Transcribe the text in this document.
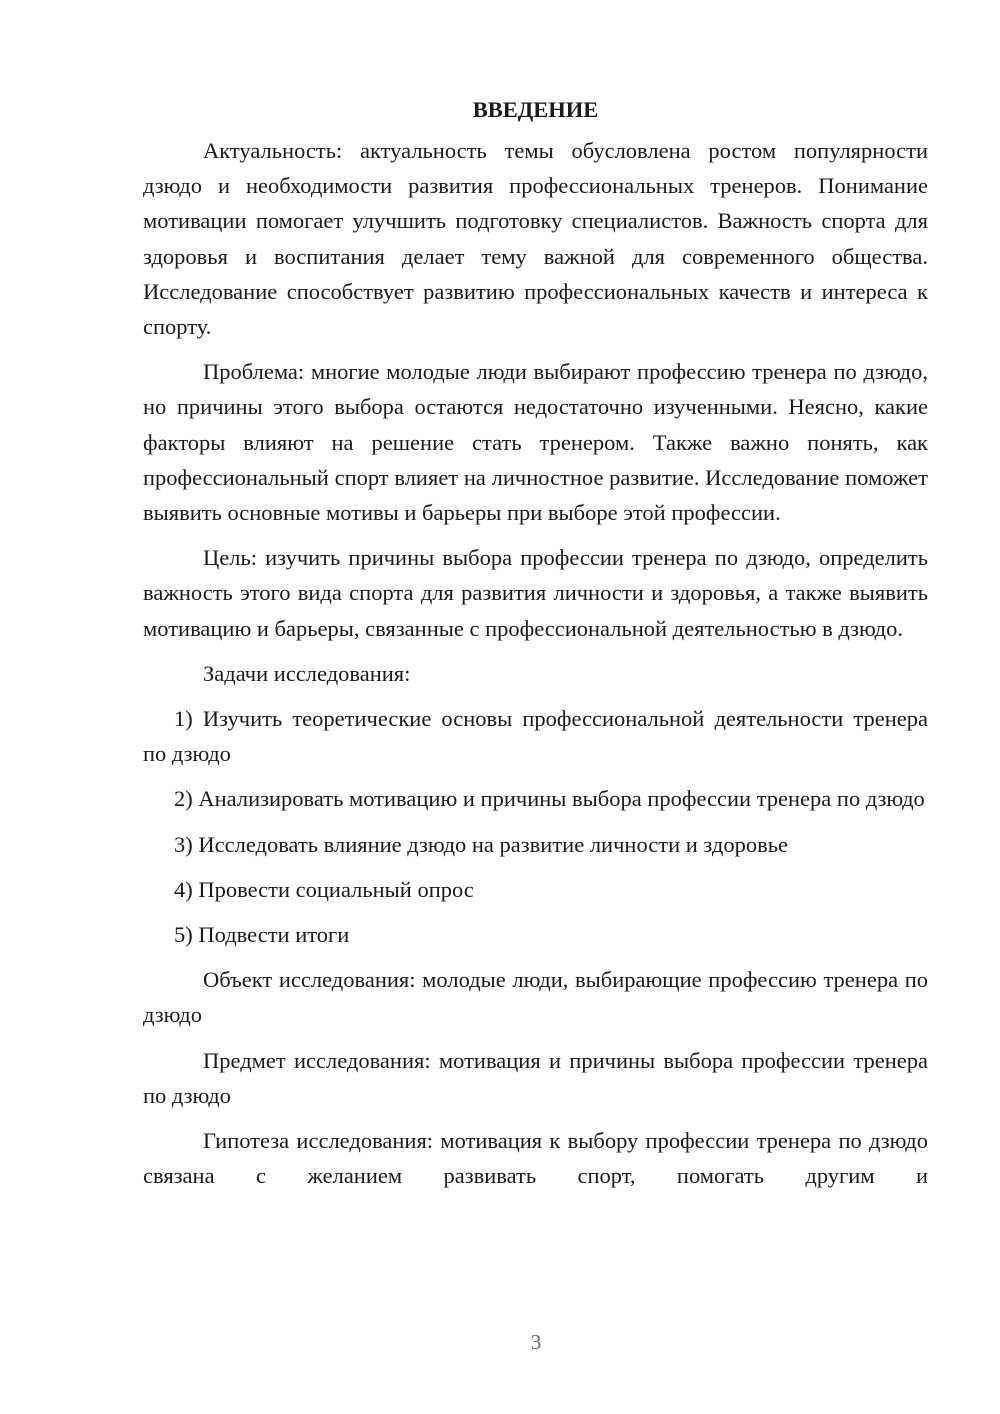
ВВЕДЕНИЕ

Актуальность: актуальность темы обусловлена ростом популярности дзюдо и необходимости развития профессиональных тренеров. Понимание мотивации помогает улучшить подготовку специалистов. Важность спорта для здоровья и воспитания делает тему важной для современного общества. Исследование способствует развитию профессиональных качеств и интереса к спорту.

Проблема: многие молодые люди выбирают профессию тренера по дзюдо, но причины этого выбора остаются недостаточно изученными. Неясно, какие факторы влияют на решение стать тренером. Также важно понять, как профессиональный спорт влияет на личностное развитие. Исследование поможет выявить основные мотивы и барьеры при выборе этой профессии.

Цель: изучить причины выбора профессии тренера по дзюдо, определить важность этого вида спорта для развития личности и здоровья, а также выявить мотивацию и барьеры, связанные с профессиональной деятельностью в дзюдо.

Задачи исследования:

1) Изучить теоретические основы профессиональной деятельности тренера по дзюдо

2) Анализировать мотивацию и причины выбора профессии тренера по дзюдо

3) Исследовать влияние дзюдо на развитие личности и здоровье

4) Провести социальный опрос

5) Подвести итоги

Объект исследования: молодые люди, выбирающие профессию тренера по дзюдо

Предмет исследования: мотивация и причины выбора профессии тренера по дзюдо

Гипотеза исследования: мотивация к выбору профессии тренера по дзюдо связана с желанием развивать спорт, помогать другим и

3
